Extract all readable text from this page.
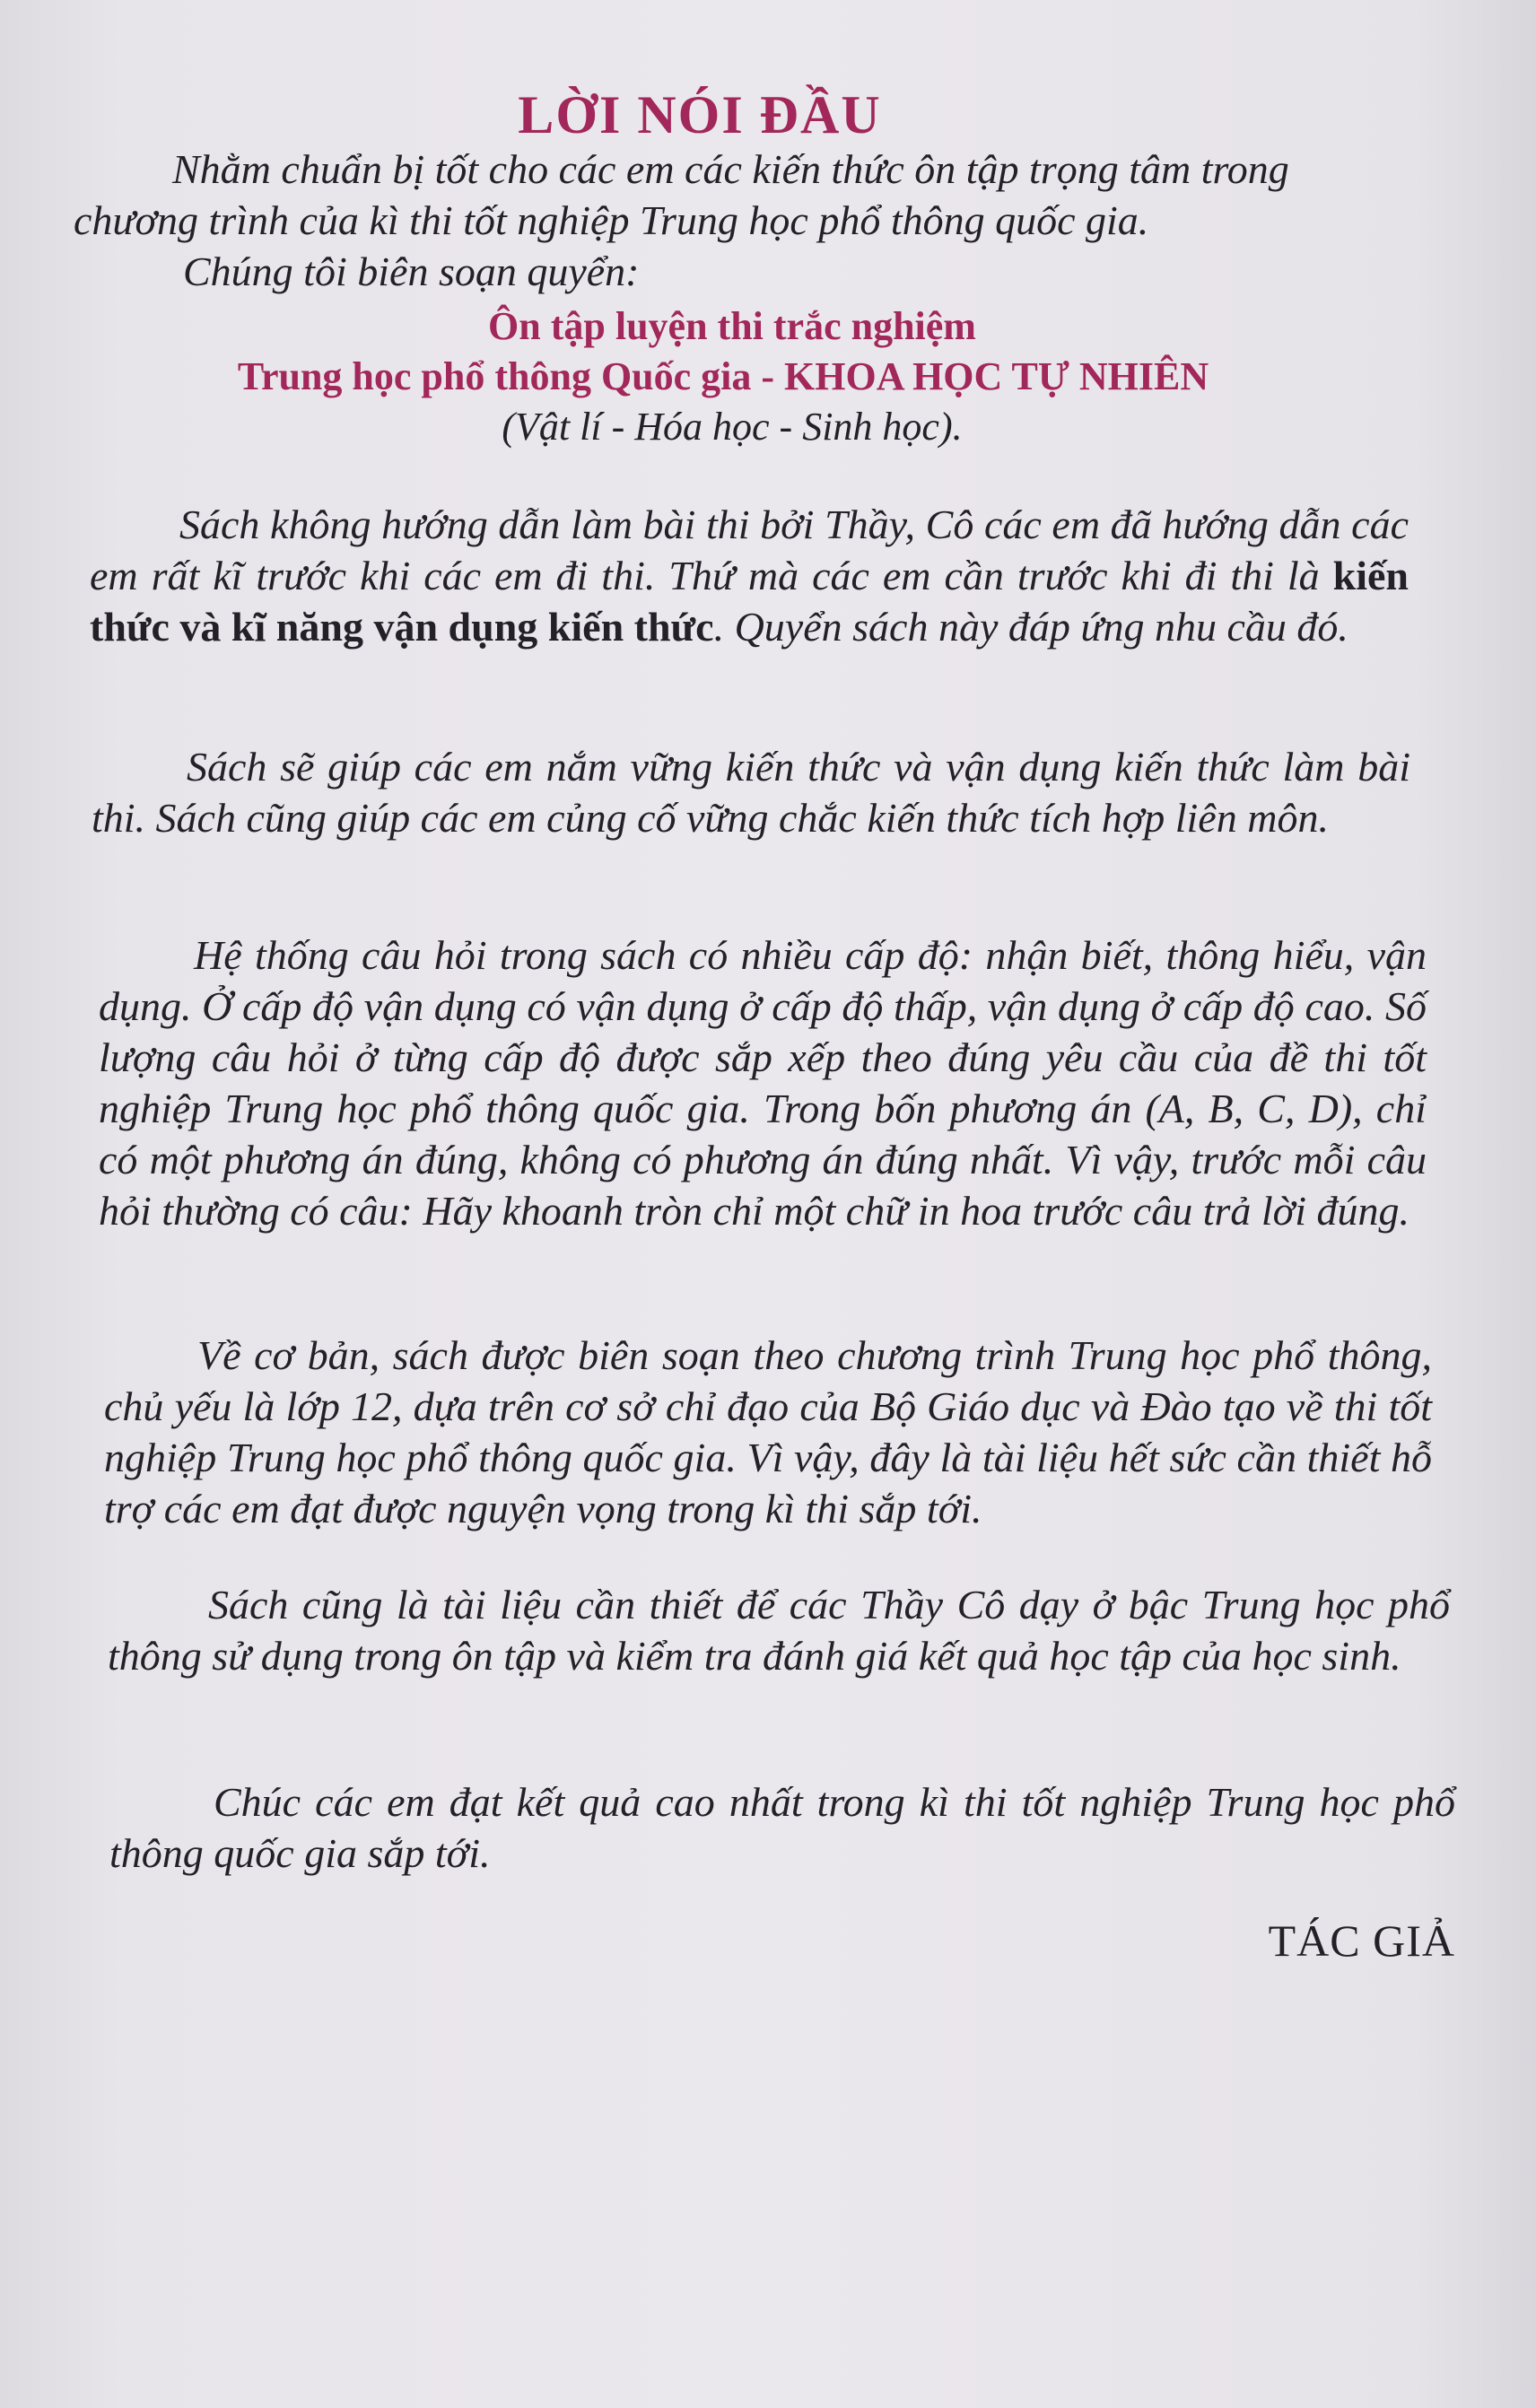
LỜI NÓI ĐẦU
Nhằm chuẩn bị tốt cho các em các kiến thức ôn tập trọng tâm trong
chương trình của kì thi tốt nghiệp Trung học phổ thông quốc gia.
Chúng tôi biên soạn quyển:
Ôn tập luyện thi trắc nghiệm
Trung học phổ thông Quốc gia - KHOA HỌC TỰ NHIÊN
(Vật lí - Hóa học - Sinh học).
Sách không hướng dẫn làm bài thi bởi Thầy, Cô các em đã hướng dẫn các em rất kĩ trước khi các em đi thi. Thứ mà các em cần trước khi đi thi là kiến thức và kĩ năng vận dụng kiến thức. Quyển sách này đáp ứng nhu cầu đó.
Sách sẽ giúp các em nắm vững kiến thức và vận dụng kiến thức làm bài thi. Sách cũng giúp các em củng cố vững chắc kiến thức tích hợp liên môn.
Hệ thống câu hỏi trong sách có nhiều cấp độ: nhận biết, thông hiểu, vận dụng. Ở cấp độ vận dụng có vận dụng ở cấp độ thấp, vận dụng ở cấp độ cao. Số lượng câu hỏi ở từng cấp độ được sắp xếp theo đúng yêu cầu của đề thi tốt nghiệp Trung học phổ thông quốc gia. Trong bốn phương án (A, B, C, D), chỉ có một phương án đúng, không có phương án đúng nhất. Vì vậy, trước mỗi câu hỏi thường có câu: Hãy khoanh tròn chỉ một chữ in hoa trước câu trả lời đúng.
Về cơ bản, sách được biên soạn theo chương trình Trung học phổ thông, chủ yếu là lớp 12, dựa trên cơ sở chỉ đạo của Bộ Giáo dục và Đào tạo về thi tốt nghiệp Trung học phổ thông quốc gia. Vì vậy, đây là tài liệu hết sức cần thiết hỗ trợ các em đạt được nguyện vọng trong kì thi sắp tới.
Sách cũng là tài liệu cần thiết để các Thầy Cô dạy ở bậc Trung học phổ thông sử dụng trong ôn tập và kiểm tra đánh giá kết quả học tập của học sinh.
Chúc các em đạt kết quả cao nhất trong kì thi tốt nghiệp Trung học phổ thông quốc gia sắp tới.
TÁC GIẢ
